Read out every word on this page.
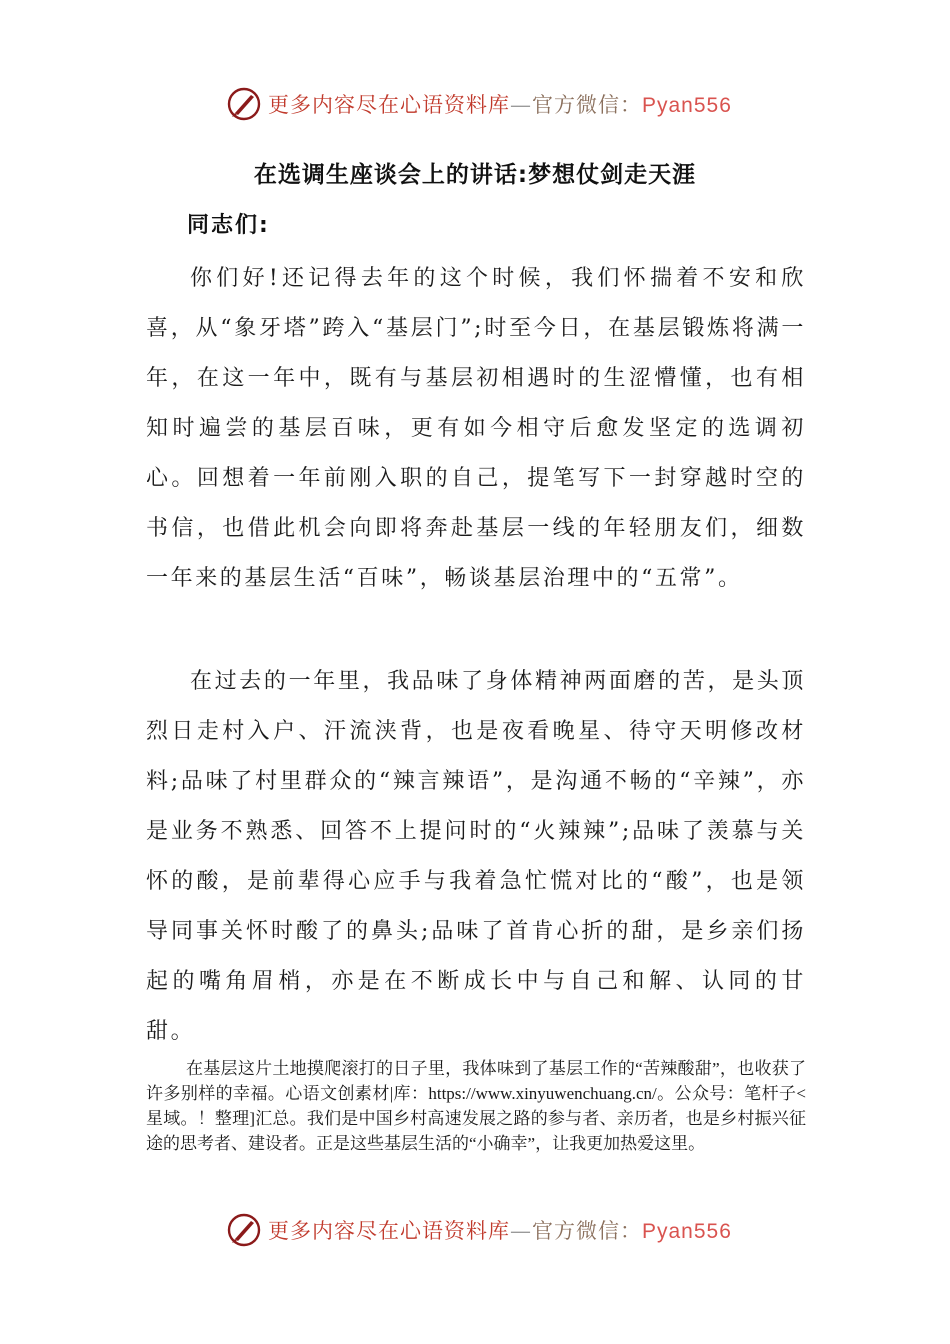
更多内容尽在心语资料库—官方微信：Pyan556
在选调生座谈会上的讲话:梦想仗剑走天涯
同志们:

你们好!还记得去年的这个时候，我们怀揣着不安和欣喜，从“象牙塔”跨入“基层门”;时至今日，在基层锻炼将满一年，在这一年中，既有与基层初相遇时的生涩懵懂，也有相知时遍尝的基层百味，更有如今相守后愈发坚定的选调初心。回想着一年前刚入职的自己，提笔写下一封穿越时空的书信，也借此机会向即将奔赴基层一线的年轻朋友们，细数一年来的基层生活“百味”，畅谈基层治理中的“五常”。

在过去的一年里，我品味了身体精神两面磨的苦，是头顶烈日走村入户、汗流浃背，也是夜看晚星、待守天明修改材料;品味了村里群众的“辣言辣语”，是沟通不畅的“辛辣”，亦是业务不熟悉、回答不上提问时的“火辣辣”;品味了羡慕与关怀的酸，是前辈得心应手与我着急忙慌对比的“酸”，也是领导同事关怀时酸了的鼻头;品味了首肯心折的甜，是乡亲们扬起的嘴角眉梢，亦是在不断成长中与自己和解、认同的甘甜。

在基层这片土地摸爬滚打的日子里，我体味到了基层工作的“苦辣酸甜”，也收获了许多别样的幸福。心语文创素材|库：https://www.xinyuwenchuang.cn/。公众号：笔杆子<星域。！整理]汇总。我们是中国乡村高速发展之路的参与者、亲历者，也是乡村振兴征途的思考者、建设者。正是这些基层生活的“小确幸”，让我更加热爱这里。

更多内容尽在心语资料库—官方微信：Pyan556
